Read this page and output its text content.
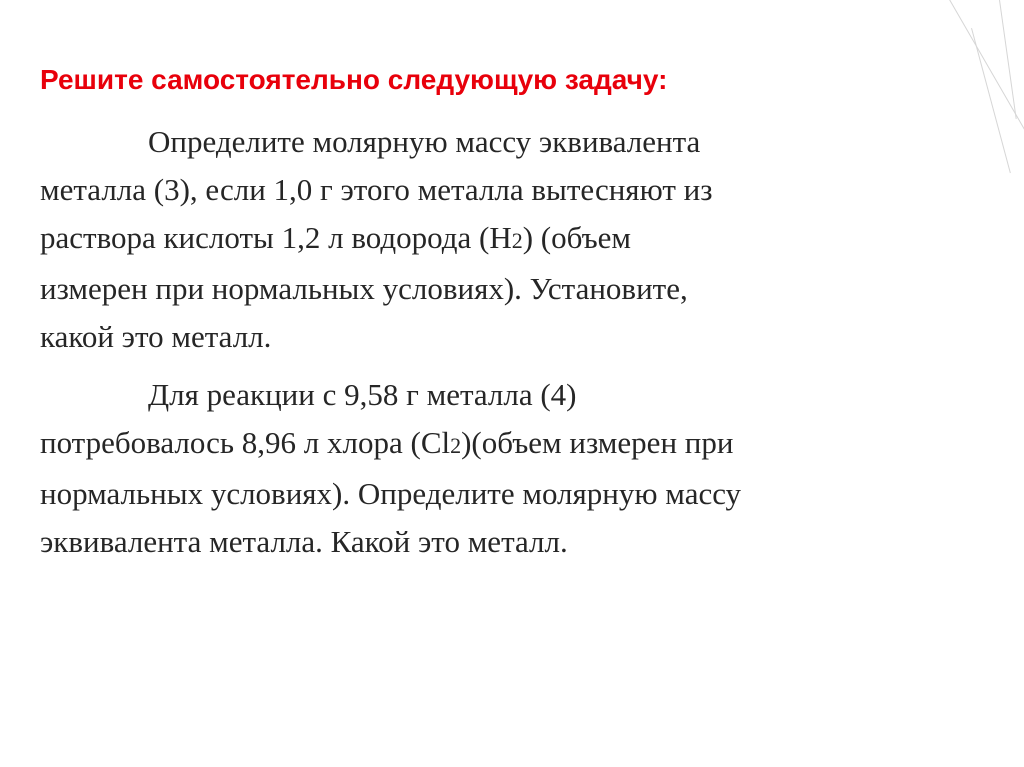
Решите самостоятельно следующую задачу:

Определите молярную массу эквивалента
металла (3), если 1,0 г этого металла вытесняют из
раствора кислоты 1,2 л водорода (H2) (объем
измерен при нормальных условиях). Установите,
какой это металл.

Для реакции с 9,58 г металла (4)
потребовалось 8,96 л хлора (Cl2)(объем измерен при
нормальных условиях). Определите молярную массу
эквивалента металла. Какой это металл.
